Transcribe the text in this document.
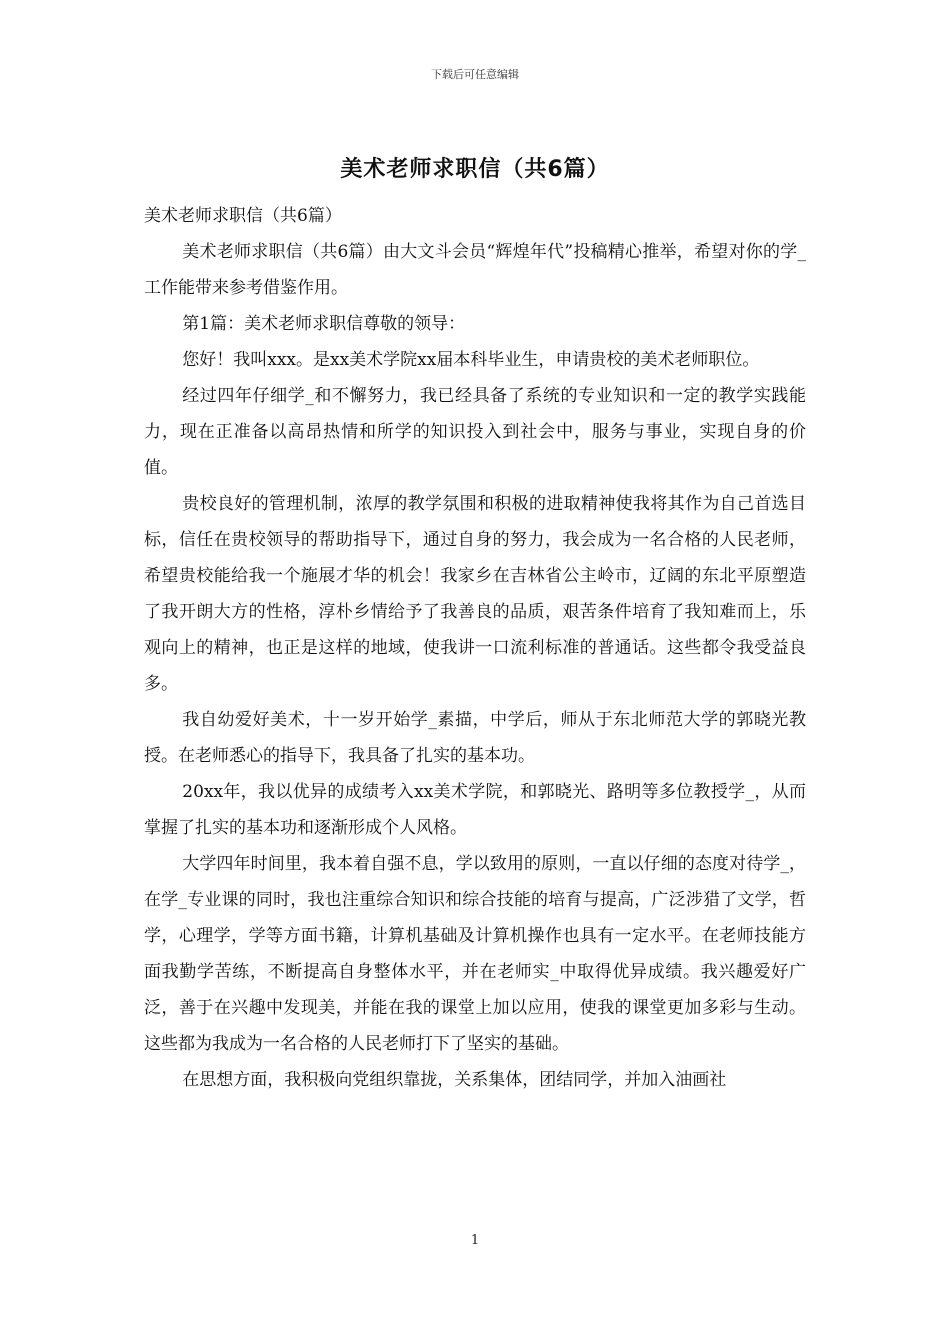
下载后可任意编辑
美术老师求职信（共6篇）

美术老师求职信（共6篇）

美术老师求职信（共6篇）由大文斗会员“辉煌年代”投稿精心推举，希望对你的学_工作能带来参考借鉴作用。

第1篇：美术老师求职信尊敬的领导：

您好！我叫xxx。是xx美术学院xx届本科毕业生，申请贵校的美术老师职位。

经过四年仔细学_和不懈努力，我已经具备了系统的专业知识和一定的教学实践能力，现在正准备以高昂热情和所学的知识投入到社会中，服务与事业，实现自身的价值。

贵校良好的管理机制，浓厚的教学氛围和积极的进取精神使我将其作为自己首选目标，信任在贵校领导的帮助指导下，通过自身的努力，我会成为一名合格的人民老师，希望贵校能给我一个施展才华的机会！我家乡在吉林省公主岭市，辽阔的东北平原塑造了我开朗大方的性格，淳朴乡情给予了我善良的品质，艰苦条件培育了我知难而上，乐观向上的精神，也正是这样的地域，使我讲一口流利标准的普通话。这些都令我受益良多。

我自幼爱好美术，十一岁开始学_素描，中学后，师从于东北师范大学的郭晓光教授。在老师悉心的指导下，我具备了扎实的基本功。

20xx年，我以优异的成绩考入xx美术学院，和郭晓光、路明等多位教授学_，从而掌握了扎实的基本功和逐渐形成个人风格。

大学四年时间里，我本着自强不息，学以致用的原则，一直以仔细的态度对待学_，在学_专业课的同时，我也注重综合知识和综合技能的培育与提高，广泛涉猎了文学，哲学，心理学，学等方面书籍，计算机基础及计算机操作也具有一定水平。在老师技能方面我勤学苦练，不断提高自身整体水平，并在老师实_中取得优异成绩。我兴趣爱好广泛，善于在兴趣中发现美，并能在我的课堂上加以应用，使我的课堂更加多彩与生动。这些都为我成为一名合格的人民老师打下了坚实的基础。

在思想方面，我积极向党组织靠拢，关系集体，团结同学，并加入油画社

1
